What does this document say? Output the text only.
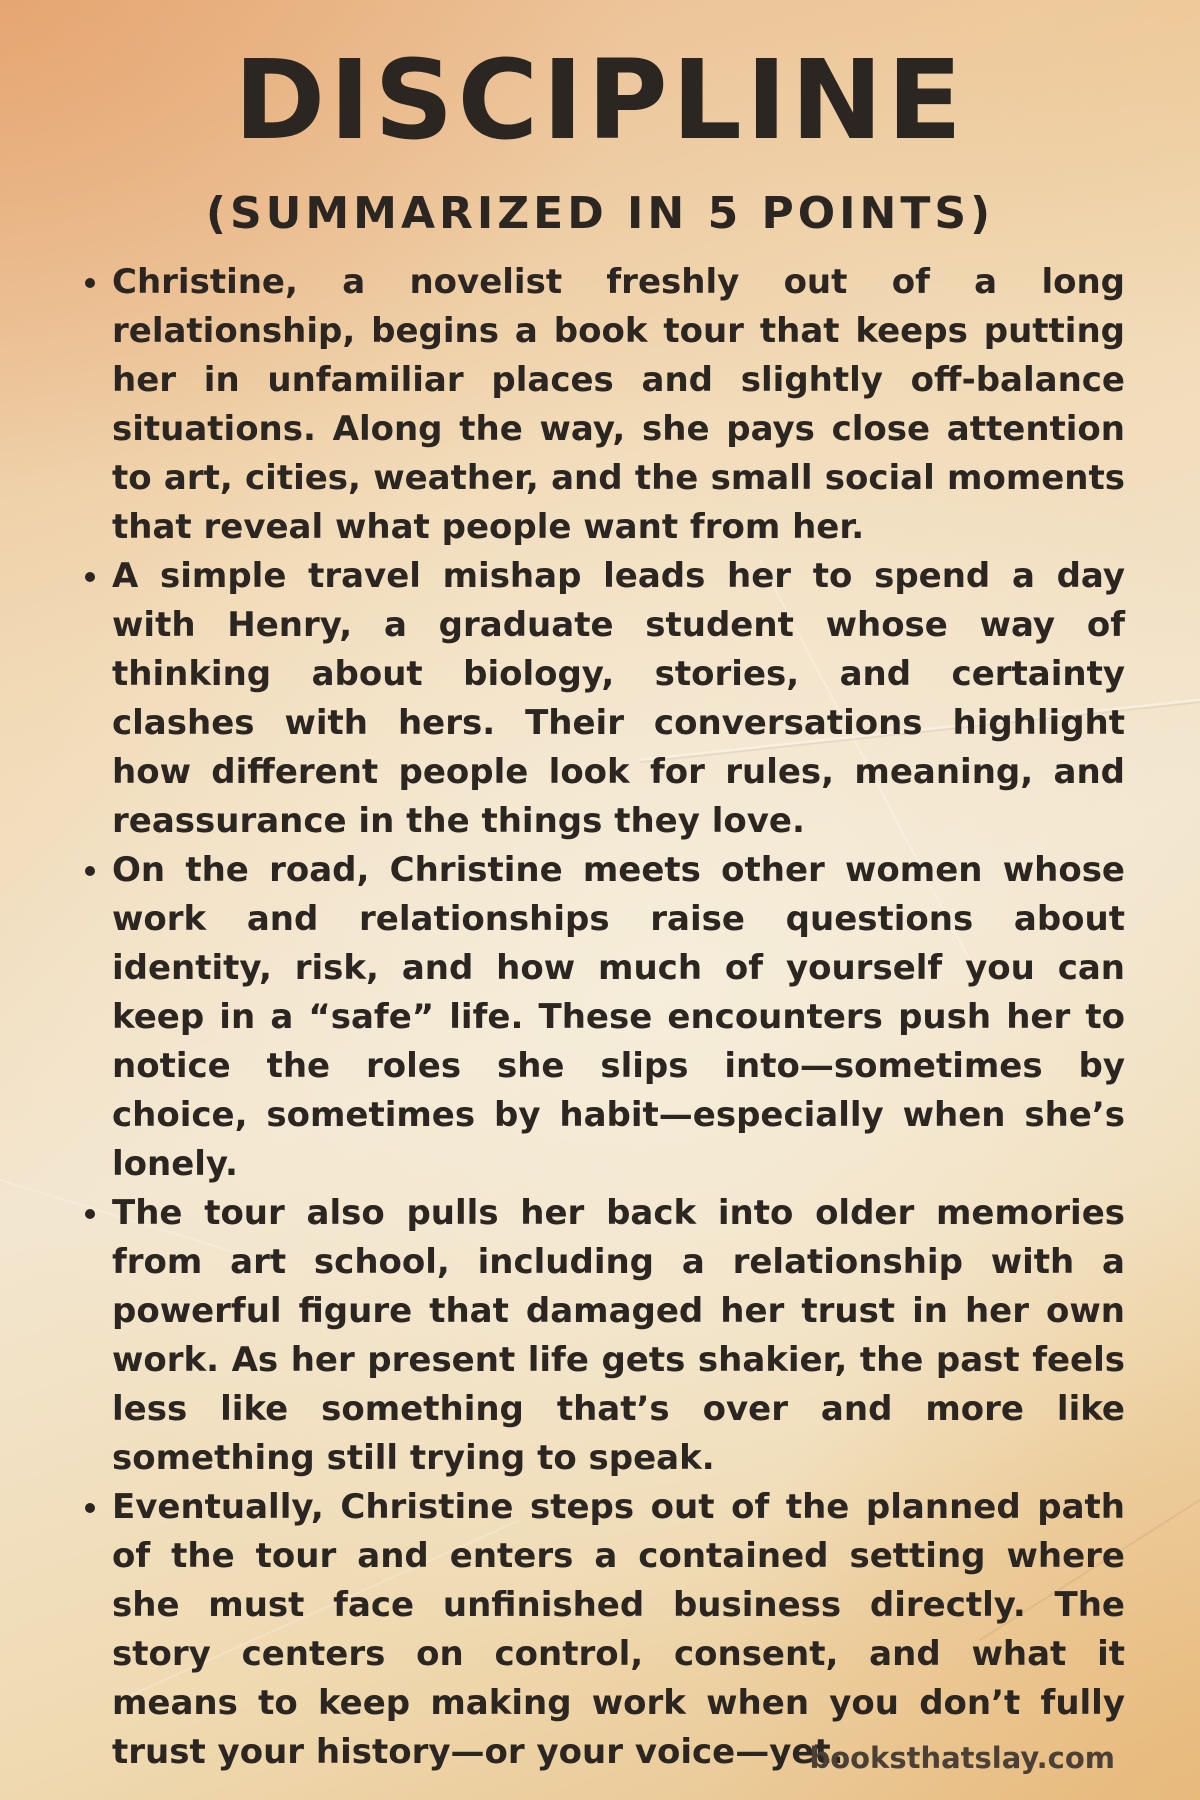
DISCIPLINE
(SUMMARIZED IN 5 POINTS)
Christine, a novelist freshly out of a long relationship, begins a book tour that keeps putting her in unfamiliar places and slightly off-balance situations. Along the way, she pays close attention to art, cities, weather, and the small social moments that reveal what people want from her.
A simple travel mishap leads her to spend a day with Henry, a graduate student whose way of thinking about biology, stories, and certainty clashes with hers. Their conversations highlight how different people look for rules, meaning, and reassurance in the things they love.
On the road, Christine meets other women whose work and relationships raise questions about identity, risk, and how much of yourself you can keep in a “safe” life. These encounters push her to notice the roles she slips into—sometimes by choice, sometimes by habit—especially when she’s lonely.
The tour also pulls her back into older memories from art school, including a relationship with a powerful figure that damaged her trust in her own work. As her present life gets shakier, the past feels less like something that’s over and more like something still trying to speak.
Eventually, Christine steps out of the planned path of the tour and enters a contained setting where she must face unfinished business directly. The story centers on control, consent, and what it means to keep making work when you don’t fully trust your history—or your voice—yet.

booksthatslay.com
